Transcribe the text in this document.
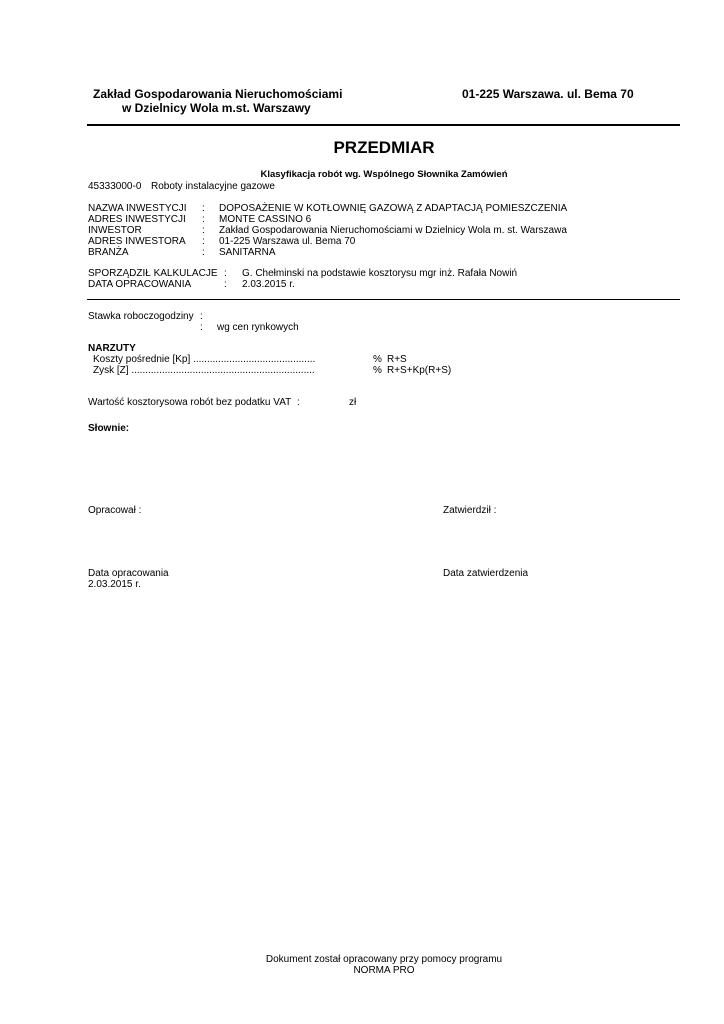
Zakład Gospodarowania Nieruchomościami
w Dzielnicy Wola m.st. Warszawy
01-225 Warszawa. ul. Bema 70
PRZEDMIAR
Klasyfikacja robót wg. Wspólnego Słownika Zamówień
45333000-0 Roboty instalacyjne gazowe
NAZWA INWESTYCJI : DOPOSAŻENIE W KOTŁOWNIĘ GAZOWĄ Z ADAPTACJĄ POMIESZCZENIA
ADRES INWESTYCJI : MONTE CASSINO 6
INWESTOR	: Zakład Gospodarowania Nieruchomościami w Dzielnicy Wola m. st. Warszawa
ADRES INWESTORA : 01-225 Warszawa ul. Bema 70
BRANŻA	: SANITARNA
SPORZĄDZIŁ KALKULACJE : G. Chełminski na podstawie kosztorysu mgr inż. Rafała Nowiń
DATA OPRACOWANIA	: 2.03.2015 r.
Stawka roboczogodziny :
: wg cen rynkowych
NARZUTY
Koszty pośrednie [Kp] ............................................	% R+S
Zysk [Z] ..................................................................	% R+S+Kp(R+S)
Wartość kosztorysowa robót bez podatku VAT :	zł
Słownie:
Opracował :	Zatwierdził :
Data opracowania
2.03.2015 r.
Data zatwierdzenia
Dokument został opracowany przy pomocy programu
NORMA PRO
